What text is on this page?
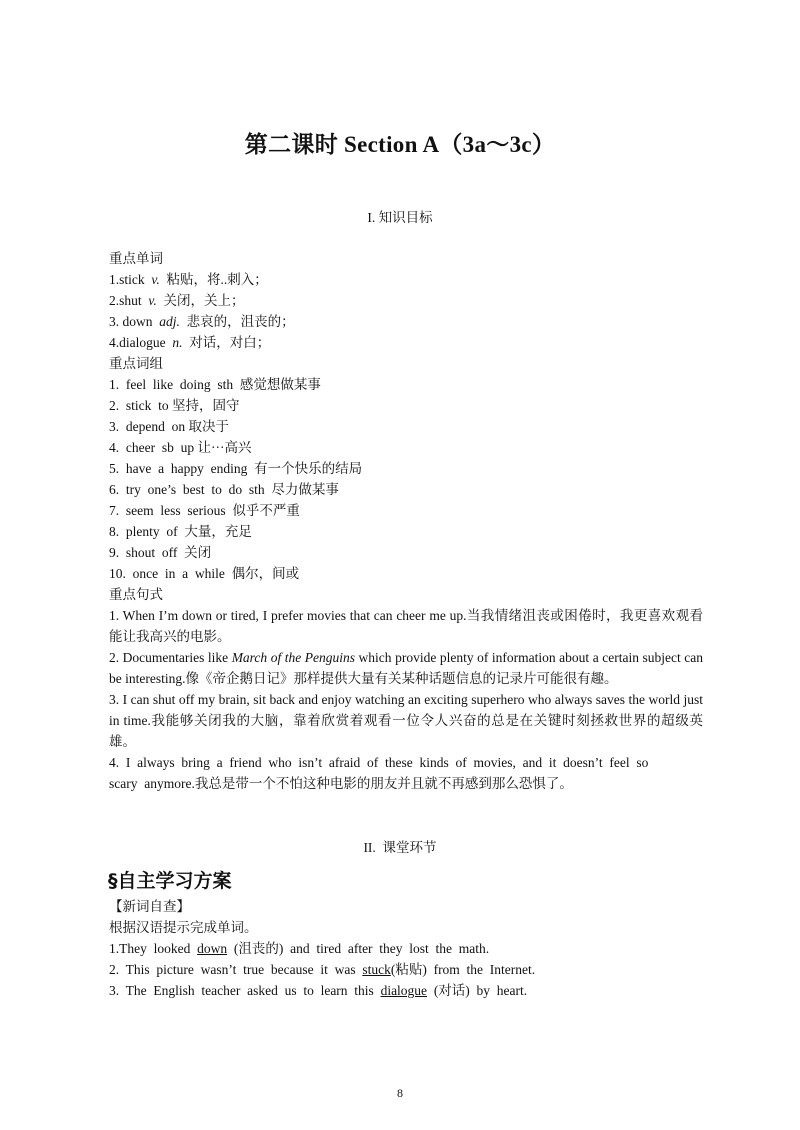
第二课时 Section A（3a～3c）
I. 知识目标
重点单词
1.stick v. 粘贴，将..刺入；
2.shut v. 关闭，关上；
3. down adj. 悲哀的，沮丧的；
4.dialogue n. 对话，对白；
重点词组
1.  feel  like  doing  sth  感觉想做某事
2.  stick  to 坚持，固守
3.  depend  on 取决于
4.  cheer  sb  up 让···高兴
5.  have  a  happy  ending  有一个快乐的结局
6.  try  one’s  best  to  do  sth  尽力做某事
7.  seem  less  serious  似乎不严重
8.  plenty  of  大量，充足
9.  shout  off  关闭
10.  once  in  a  while  偶尔，间或
重点句式
1. When I’m down or tired, I prefer movies that can cheer me up.当我情绪沮丧或困倦时，我更喜欢观看能让我高兴的电影。
2. Documentaries like March of the Penguins which provide plenty of information about a certain subject can be interesting.像《帝企鹅日记》那样提供大量有关某种话题信息的记录片可能很有趣。
3. I can shut off my brain, sit back and enjoy watching an exciting superhero who always saves the world just in time.我能够关闭我的大脑，靠着欣赏着观看一位令人兴奋的总是在关键时刻拯救世界的超级英雄。
4.  I  always  bring  a  friend  who  isn’t  afraid  of  these  kinds  of  movies,  and  it  doesn’t  feel  so
scary  anymore.我总是带一个不怕这种电影的朋友并且就不再感到那么恐惧了。
II.  课堂环节
§自主学习方案
【新词自查】
根据汉语提示完成单词。
1.They  looked  down  (沮丧的)  and  tired  after  they  lost  the  math.
2.  This  picture  wasn’t  true  because  it  was  stuck(粘贴)  from  the  Internet.
3.  The  English  teacher  asked  us  to  learn  this  dialogue  (对话)  by  heart.
8
